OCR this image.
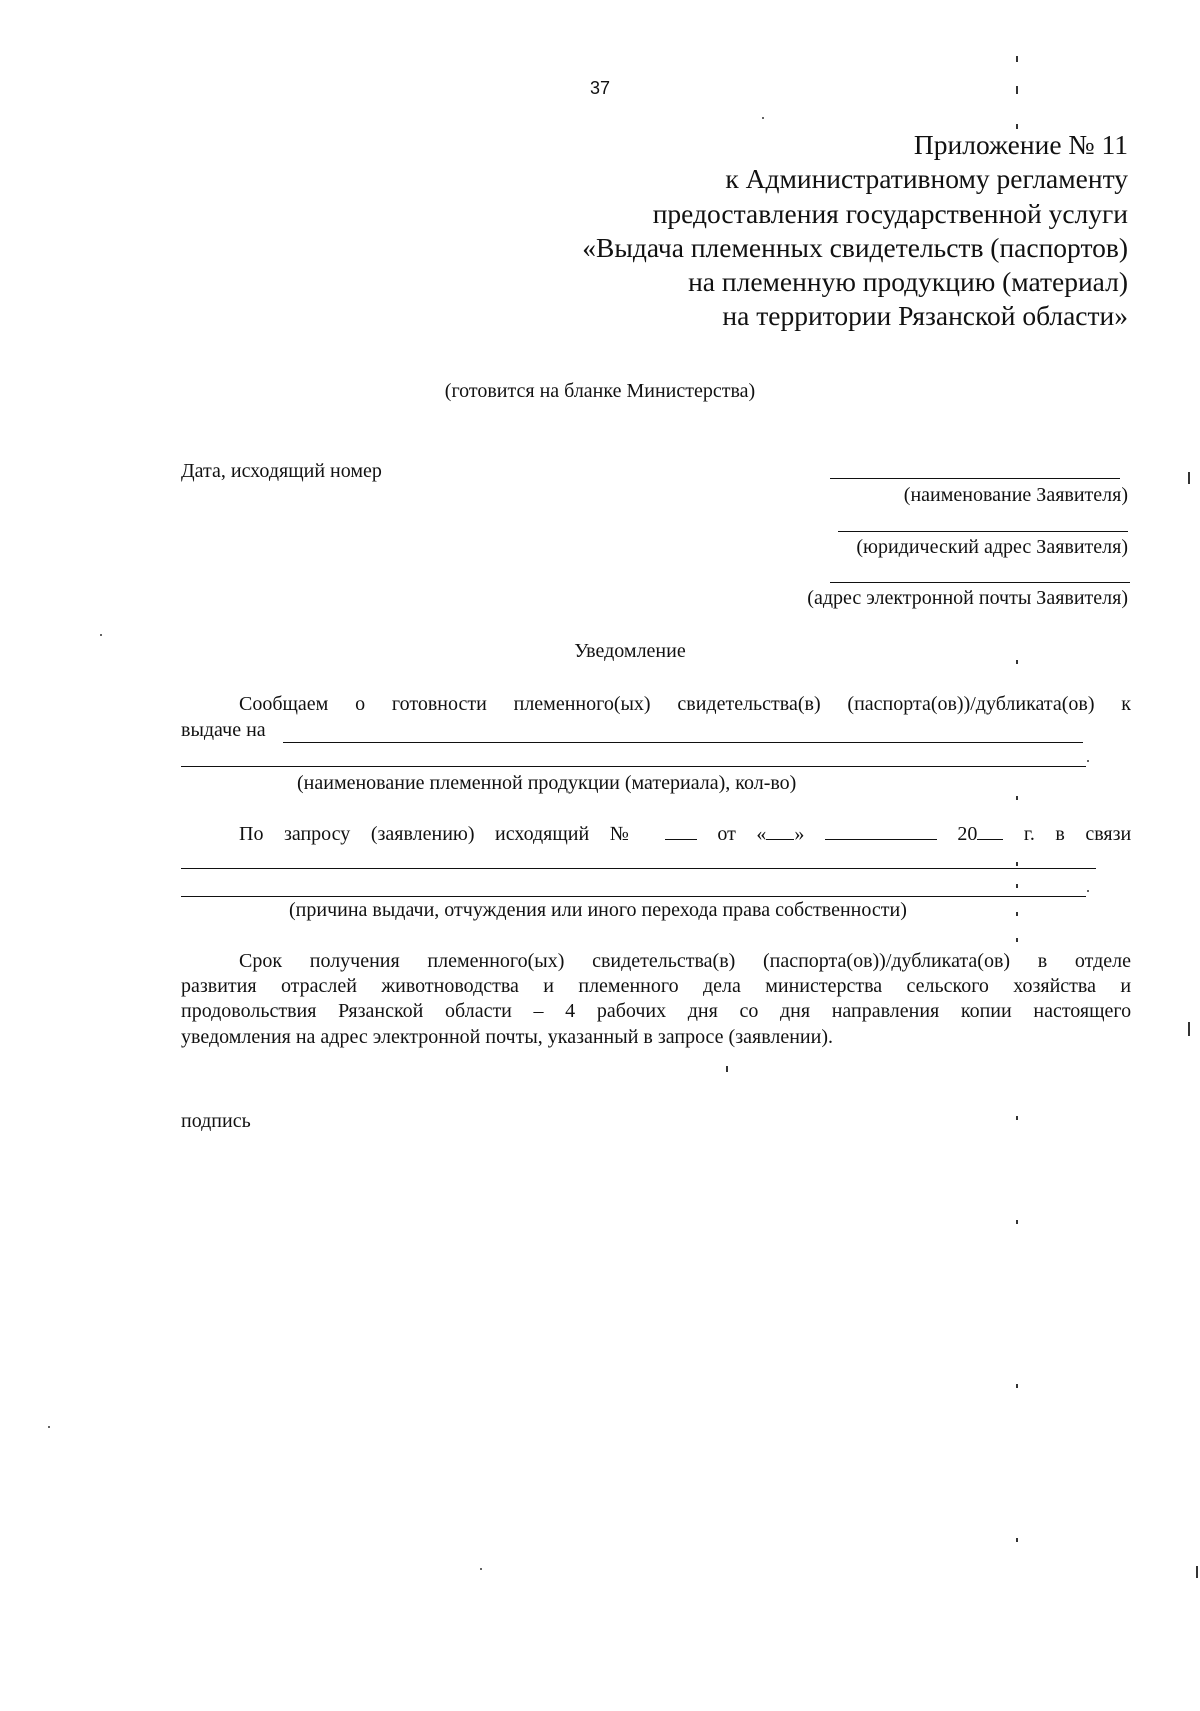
37
Приложение № 11
к Административному регламенту
предоставления государственной услуги
«Выдача племенных свидетельств (паспортов)
на племенную продукцию (материал)
на территории Рязанской области»
(готовится на бланке Министерства)
Дата, исходящий номер
(наименование Заявителя)
(юридический адрес Заявителя)
(адрес электронной почты Заявителя)
Уведомление
Сообщаем о готовности племенного(ых) свидетельства(в) (паспорта(ов))/дубликата(ов) к
выдаче на
(наименование племенной продукции (материала), кол-во)
По запросу (заявлению) исходящий №	от « »	20 г. в связи
(причина выдачи, отчуждения или иного перехода права собственности)
Срок получения племенного(ых) свидетельства(в) (паспорта(ов))/дубликата(ов) в отделе
развития отраслей животноводства и племенного дела министерства сельского хозяйства и
продовольствия Рязанской области – 4 рабочих дня со дня направления копии настоящего
уведомления на адрес электронной почты, указанный в запросе (заявлении).
подпись
